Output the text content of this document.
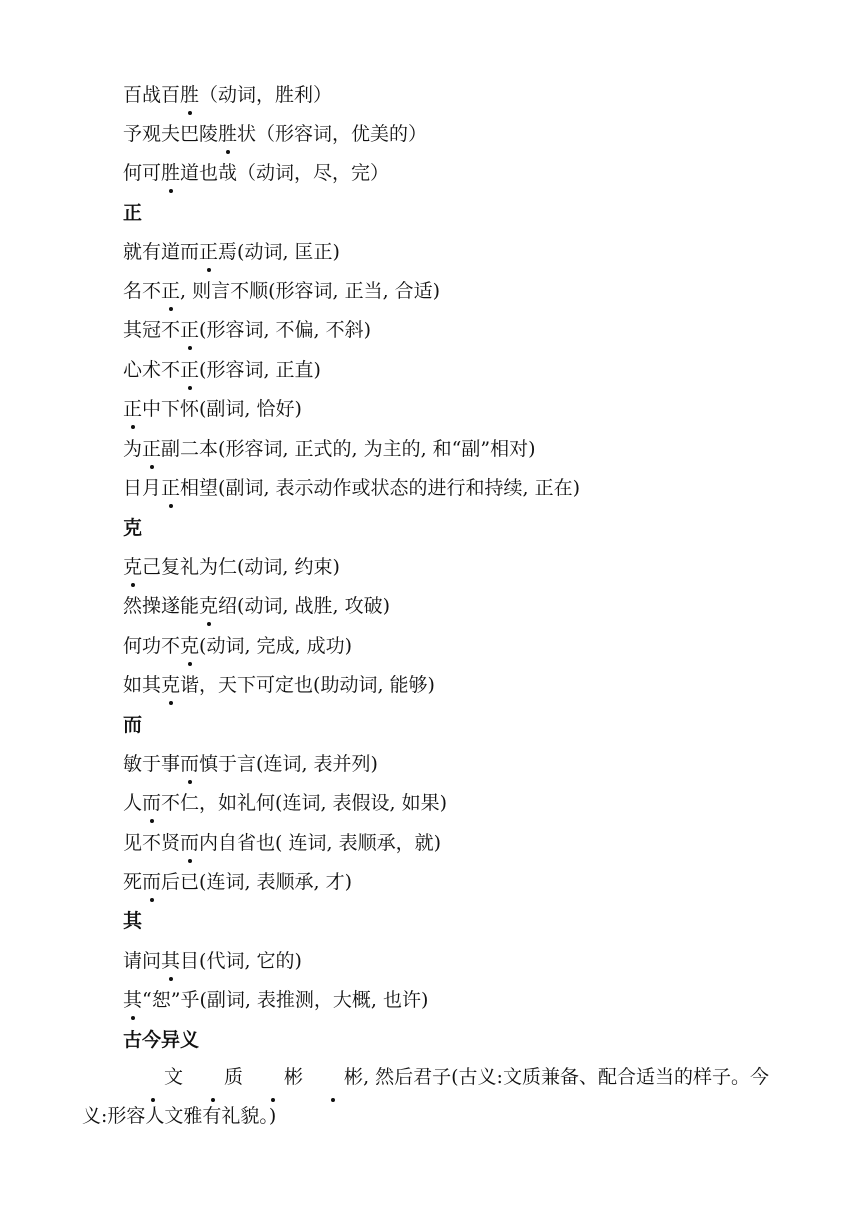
百战百胜（动词，胜利）
予观夫巴陵胜状（形容词，优美的）
何可胜道也哉（动词，尽，完）
正
就有道而正焉(动词, 匡正)
名不正, 则言不顺(形容词, 正当, 合适)
其冠不正(形容词, 不偏, 不斜)
心术不正(形容词, 正直)
正中下怀(副词, 恰好)
为正副二本(形容词, 正式的, 为主的, 和“副”相对)
日月正相望(副词, 表示动作或状态的进行和持续, 正在)
克
克己复礼为仁(动词, 约束)
然操遂能克绍(动词, 战胜, 攻破)
何功不克(动词, 完成, 成功)
如其克谐，天下可定也(助动词, 能够)
而
敏于事而慎于言(连词, 表并列)
人而不仁，如礼何(连词, 表假设, 如果)
见不贤而内自省也( 连词, 表顺承，就)
死而后已(连词, 表顺承, 才)
其
请问其目(代词, 它的)
其“恕”乎(副词, 表推测，大概, 也许)
古今异义
文 质 彬 彬, 然后君子(古义:文质兼备、配合适当的样子。今义:形容人文雅有礼貌。)
